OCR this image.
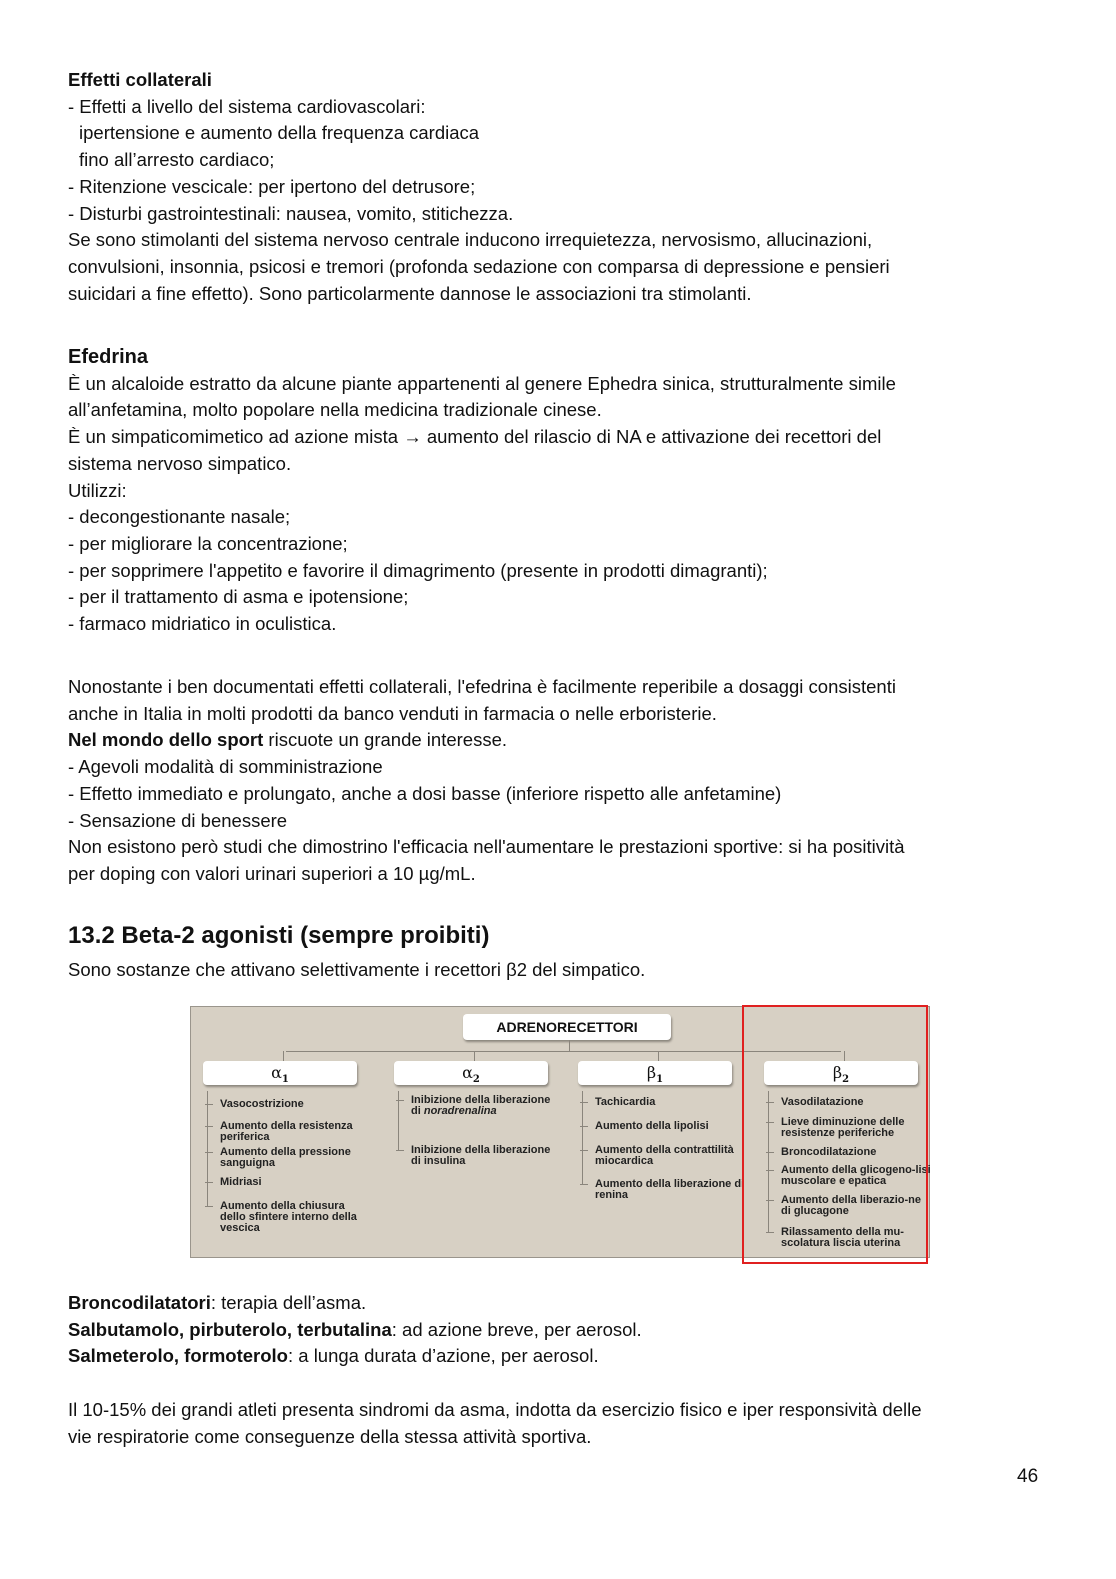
Effetti collaterali
- Effetti a livello del sistema cardiovascolari:
ipertensione e aumento della frequenza cardiaca
fino all’arresto cardiaco;
- Ritenzione vescicale: per ipertono del detrusore;
- Disturbi gastrointestinali: nausea, vomito, stitichezza.
Se sono stimolanti del sistema nervoso centrale inducono irrequietezza, nervosismo, allucinazioni,
convulsioni, insonnia, psicosi e tremori (profonda sedazione con comparsa di depressione e pensieri
suicidari a fine effetto). Sono particolarmente dannose le associazioni tra stimolanti.
Efedrina
È un alcaloide estratto da alcune piante appartenenti al genere Ephedra sinica, strutturalmente simile
all’anfetamina, molto popolare nella medicina tradizionale cinese.
È un simpaticomimetico ad azione mista → aumento del rilascio di NA e attivazione dei recettori del
sistema nervoso simpatico.
Utilizzi:
- decongestionante nasale;
- per migliorare la concentrazione;
- per sopprimere l'appetito e favorire il dimagrimento (presente in prodotti dimagranti);
- per il trattamento di asma e ipotensione;
- farmaco midriatico in oculistica.
Nonostante i ben documentati effetti collaterali, l'efedrina è facilmente reperibile a dosaggi consistenti
anche in Italia in molti prodotti da banco venduti in farmacia o nelle erboristerie.
Nel mondo dello sport riscuote un grande interesse.
- Agevoli modalità di somministrazione
- Effetto immediato e prolungato, anche a dosi basse (inferiore rispetto alle anfetamine)
- Sensazione di benessere
Non esistono però studi che dimostrino l'efficacia nell'aumentare le prestazioni sportive: si ha positività
per doping con valori urinari superiori a 10 µg/mL.
13.2 Beta-2 agonisti (sempre proibiti)
Sono sostanze che attivano selettivamente i recettori β2 del simpatico.
ADRENORECETTORI
$\alpha_1$
Vasocostrizione
Aumento della resistenza periferica
Aumento della pressione sanguigna
Midriasi
Aumento della chiusura dello sfintere interno della vescica
$\alpha_2$
Inibizione della liberazione di noradrenalina
Inibizione della liberazione di insulina
$\beta_1$
Tachicardia
Aumento della lipolisi
Aumento della contrattilità miocardica
Aumento della liberazione di renina
$\beta_2$
Vasodilatazione
Lieve diminuzione delle resistenze periferiche
Broncodilatazione
Aumento della glicogeno-lisi muscolare e epatica
Aumento della liberazio-ne di glucagone
Rilassamento della mu-scolatura liscia uterina
Broncodilatatori: terapia dell’asma.
Salbutamolo, pirbuterolo, terbutalina: ad azione breve, per aerosol.
Salmeterolo, formoterolo: a lunga durata d’azione, per aerosol.
Il 10-15% dei grandi atleti presenta sindromi da asma, indotta da esercizio fisico e iper responsività delle
vie respiratorie come conseguenze della stessa attività sportiva.
46
